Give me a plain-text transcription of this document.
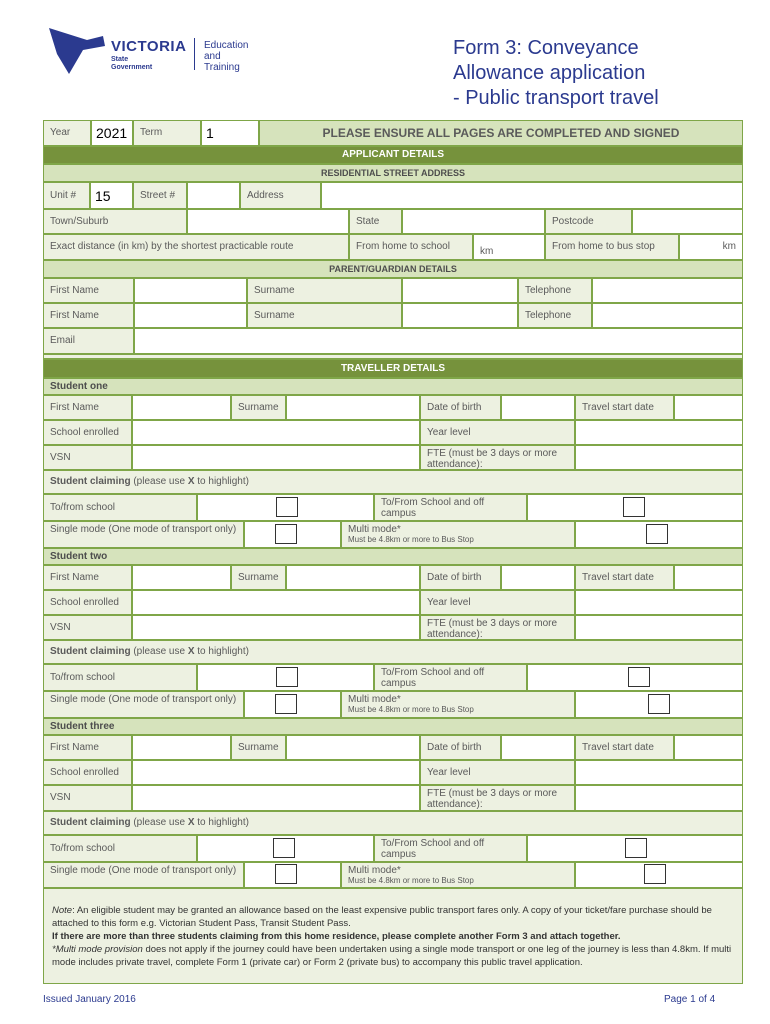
VICTORIA
State
Government
Education
and Training
Form 3: Conveyance
Allowance application
- Public transport travel
Year	2021	Term	1	PLEASE ENSURE ALL PAGES ARE COMPLETED AND SIGNED
APPLICANT DETAILS
RESIDENTIAL STREET ADDRESS
Unit #	15	Street #	Address
Town/Suburb	State	Postcode
Exact distance (in km) by the shortest practicable route	From home to school	km	From home to bus stop	km
PARENT/GUARDIAN DETAILS
First Name	Surname	Telephone
First Name	Surname	Telephone
Email
TRAVELLER DETAILS
Student one
First Name	Surname	Date of birth	Travel start date
School enrolled	Year level
VSN	FTE (must be 3 days or more attendance):
Student claiming (please use X to highlight)
To/from school	To/From School and off campus
Single mode (One mode of transport only)	Multi mode*
Must be 4.8km or more to Bus Stop
Student two
First Name	Surname	Date of birth	Travel start date
School enrolled	Year level
VSN	FTE (must be 3 days or more attendance):
Student claiming (please use X to highlight)
To/from school	To/From School and off campus
Single mode (One mode of transport only)	Multi mode*
Must be 4.8km or more to Bus Stop
Student three
First Name	Surname	Date of birth	Travel start date
School enrolled	Year level
VSN	FTE (must be 3 days or more attendance):
Student claiming (please use X to highlight)
To/from school	To/From School and off campus
Single mode (One mode of transport only)	Multi mode*
Must be 4.8km or more to Bus Stop
Note: An eligible student may be granted an allowance based on the least expensive public transport fares only. A copy of your ticket/fare purchase should be attached to this form e.g. Victorian Student Pass, Transit Student Pass.
If there are more than three students claiming from this home residence, please complete another Form 3 and attach together.
*Multi mode provision does not apply if the journey could have been undertaken using a single mode transport or one leg of the journey is less than 4.8km. If multi mode includes private travel, complete Form 1 (private car) or Form 2 (private bus) to accompany this public travel application.
Issued January 2016	Page 1 of 4
